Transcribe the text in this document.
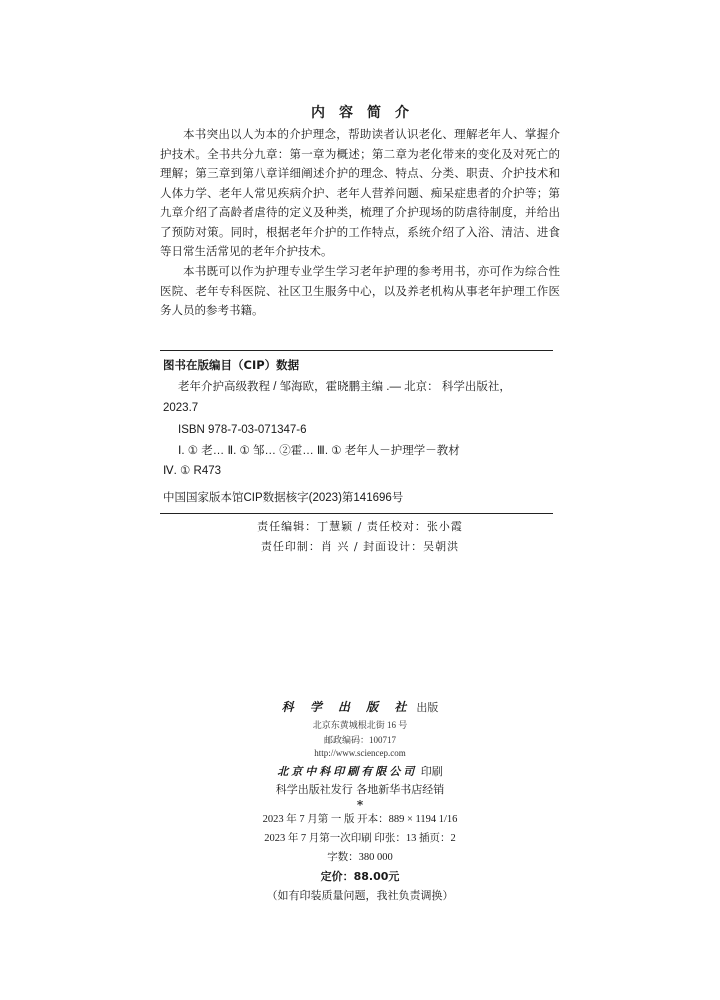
内容简介

本书突出以人为本的介护理念，帮助读者认识老化、理解老年人、掌握介护技术。全书共分九章：第一章为概述；第二章为老化带来的变化及对死亡的理解；第三章到第八章详细阐述介护的理念、特点、分类、职责、介护技术和人体力学、老年人常见疾病介护、老年人营养问题、痴呆症患者的介护等；第九章介绍了高龄者虐待的定义及种类，梳理了介护现场的防虐待制度，并给出了预防对策。同时，根据老年介护的工作特点，系统介绍了入浴、清洁、进食等日常生活常见的老年介护技术。

本书既可以作为护理专业学生学习老年护理的参考用书，亦可作为综合性医院、老年专科医院、社区卫生服务中心，以及养老机构从事老年护理工作医务人员的参考书籍。

图书在版编目（CIP）数据
老年介护高级教程 / 邹海欧，霍晓鹏主编 .— 北京： 科学出版社，
2023.7
ISBN 978-7-03-071347-6
Ⅰ. ① 老… Ⅱ. ① 邹… ②霍… Ⅲ. ① 老年人－护理学－教材
Ⅳ. ① R473
中国国家版本馆CIP数据核字(2023)第141696号
责任编辑：丁慧颖 / 责任校对：张小霞
责任印制：肖 兴 / 封面设计：吴朝洪
科 学 出 版 社 出版
北京东黄城根北街 16 号
邮政编码：100717
http://www.sciencep.com
北京中科印刷有限公司 印刷
科学出版社发行 各地新华书店经销
*
2023 年 7 月第 一 版 开本：889 × 1194 1/16
2023 年 7 月第一次印刷 印张：13 插页：2
字数：380 000
定价：88.00元
（如有印装质量问题，我社负责调换）
